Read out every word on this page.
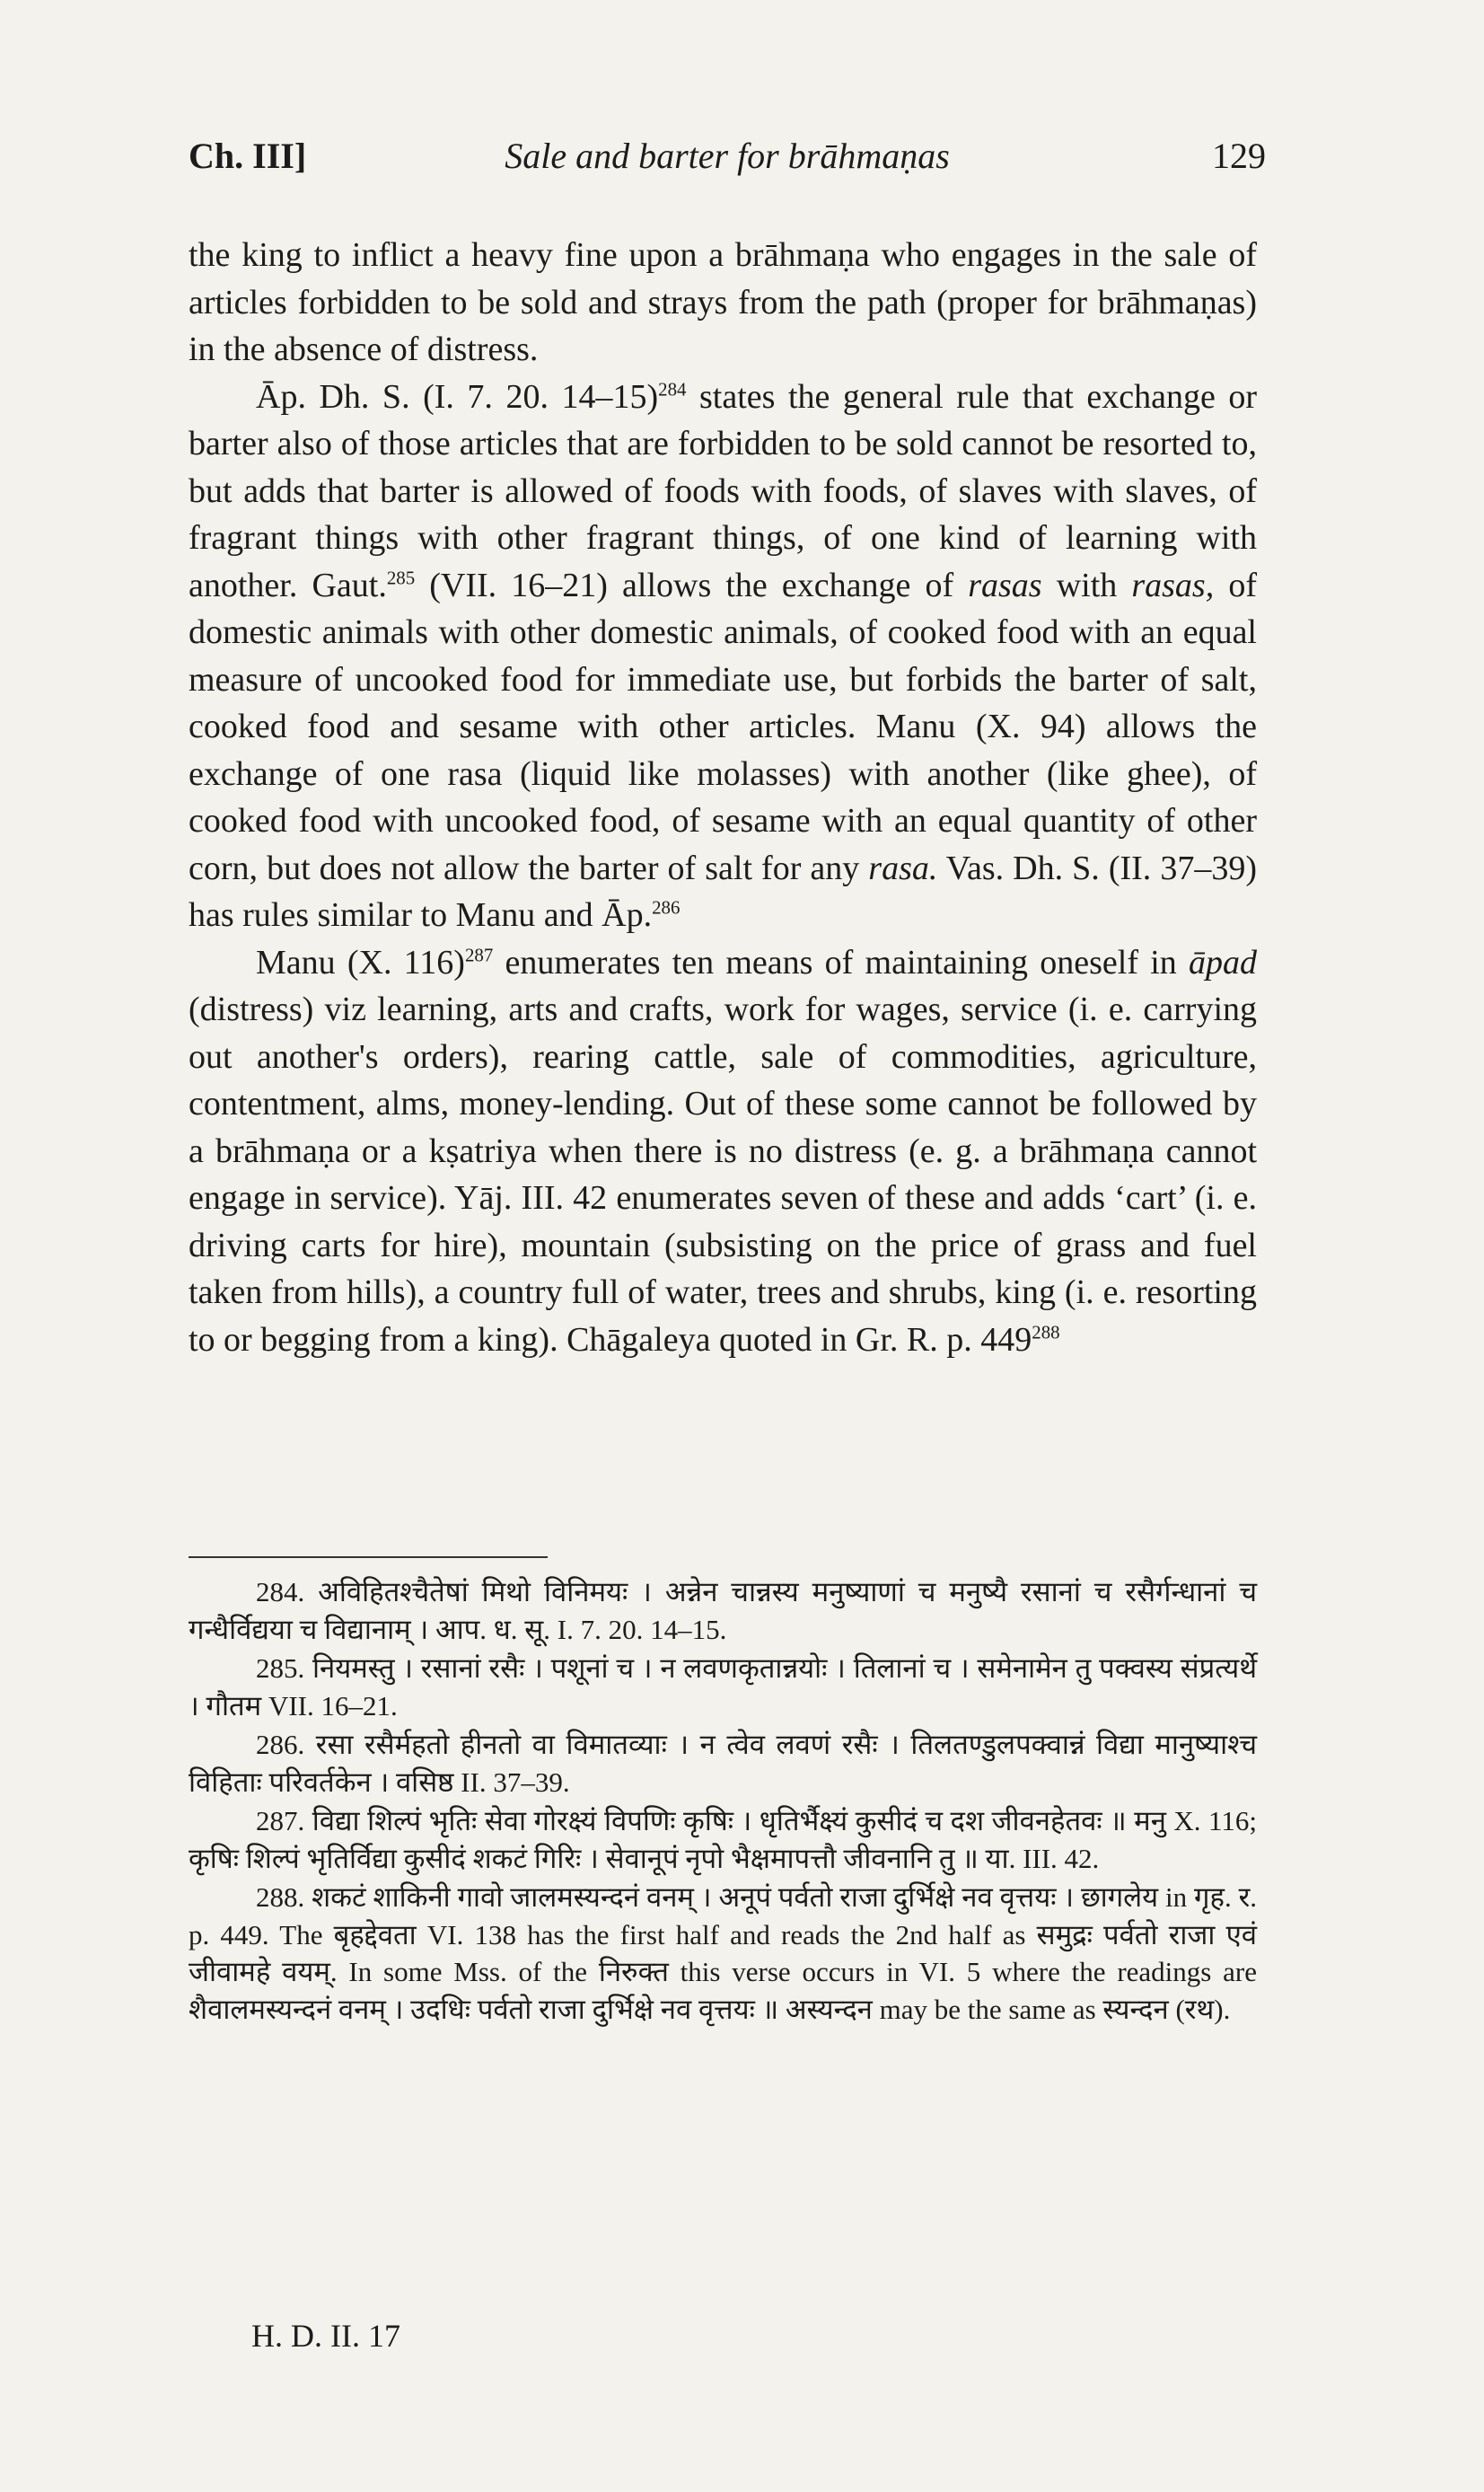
Ch. III]	Sale and barter for brāhmaṇas	129

the king to inflict a heavy fine upon a brāhmaṇa who engages in the sale of articles forbidden to be sold and strays from the path (proper for brāhmaṇas) in the absence of distress.

Āp. Dh. S. (I. 7. 20. 14–15)$^{284}$ states the general rule that exchange or barter also of those articles that are forbidden to be sold cannot be resorted to, but adds that barter is allowed of foods with foods, of slaves with slaves, of fragrant things with other fragrant things, of one kind of learning with another. Gaut.$^{285}$ (VII. 16–21) allows the exchange of rasas with rasas, of domestic animals with other domestic animals, of cooked food with an equal measure of uncooked food for immediate use, but forbids the barter of salt, cooked food and sesame with other articles. Manu (X. 94) allows the exchange of one rasa (liquid like molasses) with another (like ghee), of cooked food with uncooked food, of sesame with an equal quantity of other corn, but does not allow the barter of salt for any rasa. Vas. Dh. S. (II. 37–39) has rules similar to Manu and Āp.$^{286}$

Manu (X. 116)$^{287}$ enumerates ten means of maintaining oneself in āpad (distress) viz learning, arts and crafts, work for wages, service (i. e. carrying out another's orders), rearing cattle, sale of commodities, agriculture, contentment, alms, money-lending. Out of these some cannot be followed by a brāhmaṇa or a kṣatriya when there is no distress (e. g. a brāhmaṇa cannot engage in service). Yāj. III. 42 enumerates seven of these and adds ‘cart’ (i. e. driving carts for hire), mountain (subsisting on the price of grass and fuel taken from hills), a country full of water, trees and shrubs, king (i. e. resorting to or begging from a king). Chāgaleya quoted in Gr. R. p. $449^{288}$

284. अविहितश्चैतेषां मिथो विनिमयः । अन्नेन चान्नस्य मनुष्याणां च मनुष्यै रसानां च रसैर्गन्धानां च गन्धैर्विद्यया च विद्यानाम् । आप. ध. सू. I. 7. 20. 14–15.

285. नियमस्तु । रसानां रसैः । पशूनां च । न लवणकृतान्नयोः । तिलानां च । समेनामेन तु पक्वस्य संप्रत्यर्थे । गौतम VII. 16–21.

286. रसा रसैर्महतो हीनतो वा विमातव्याः । न त्वेव लवणं रसैः । तिलतण्डुलपक्वान्नं विद्या मानुष्याश्च विहिताः परिवर्तकेन । वसिष्ठ II. 37–39.

287. विद्या शिल्पं भृतिः सेवा गोरक्ष्यं विपणिः कृषिः । धृतिर्भैक्ष्यं कुसीदं च दश जीवनहेतवः ॥ मनु X. 116; कृषिः शिल्पं भृतिर्विद्या कुसीदं शकटं गिरिः । सेवानूपं नृपो भैक्षमापत्तौ जीवनानि तु ॥ या. III. 42.

288. शकटं शाकिनी गावो जालमस्यन्दनं वनम् । अनूपं पर्वतो राजा दुर्भिक्षे नव वृत्तयः । छागलेय in गृह. र. p. 449. The बृहद्देवता VI. 138 has the first half and reads the 2nd half as समुद्रः पर्वतो राजा एवं जीवामहे वयम्. In some Mss. of the निरुक्त this verse occurs in VI. 5 where the readings are शैवालमस्यन्दनं वनम् । उदधिः पर्वतो राजा दुर्भिक्षे नव वृत्तयः ॥ अस्यन्दन may be the same as स्यन्दन (रथ).

H. D. II. 17
